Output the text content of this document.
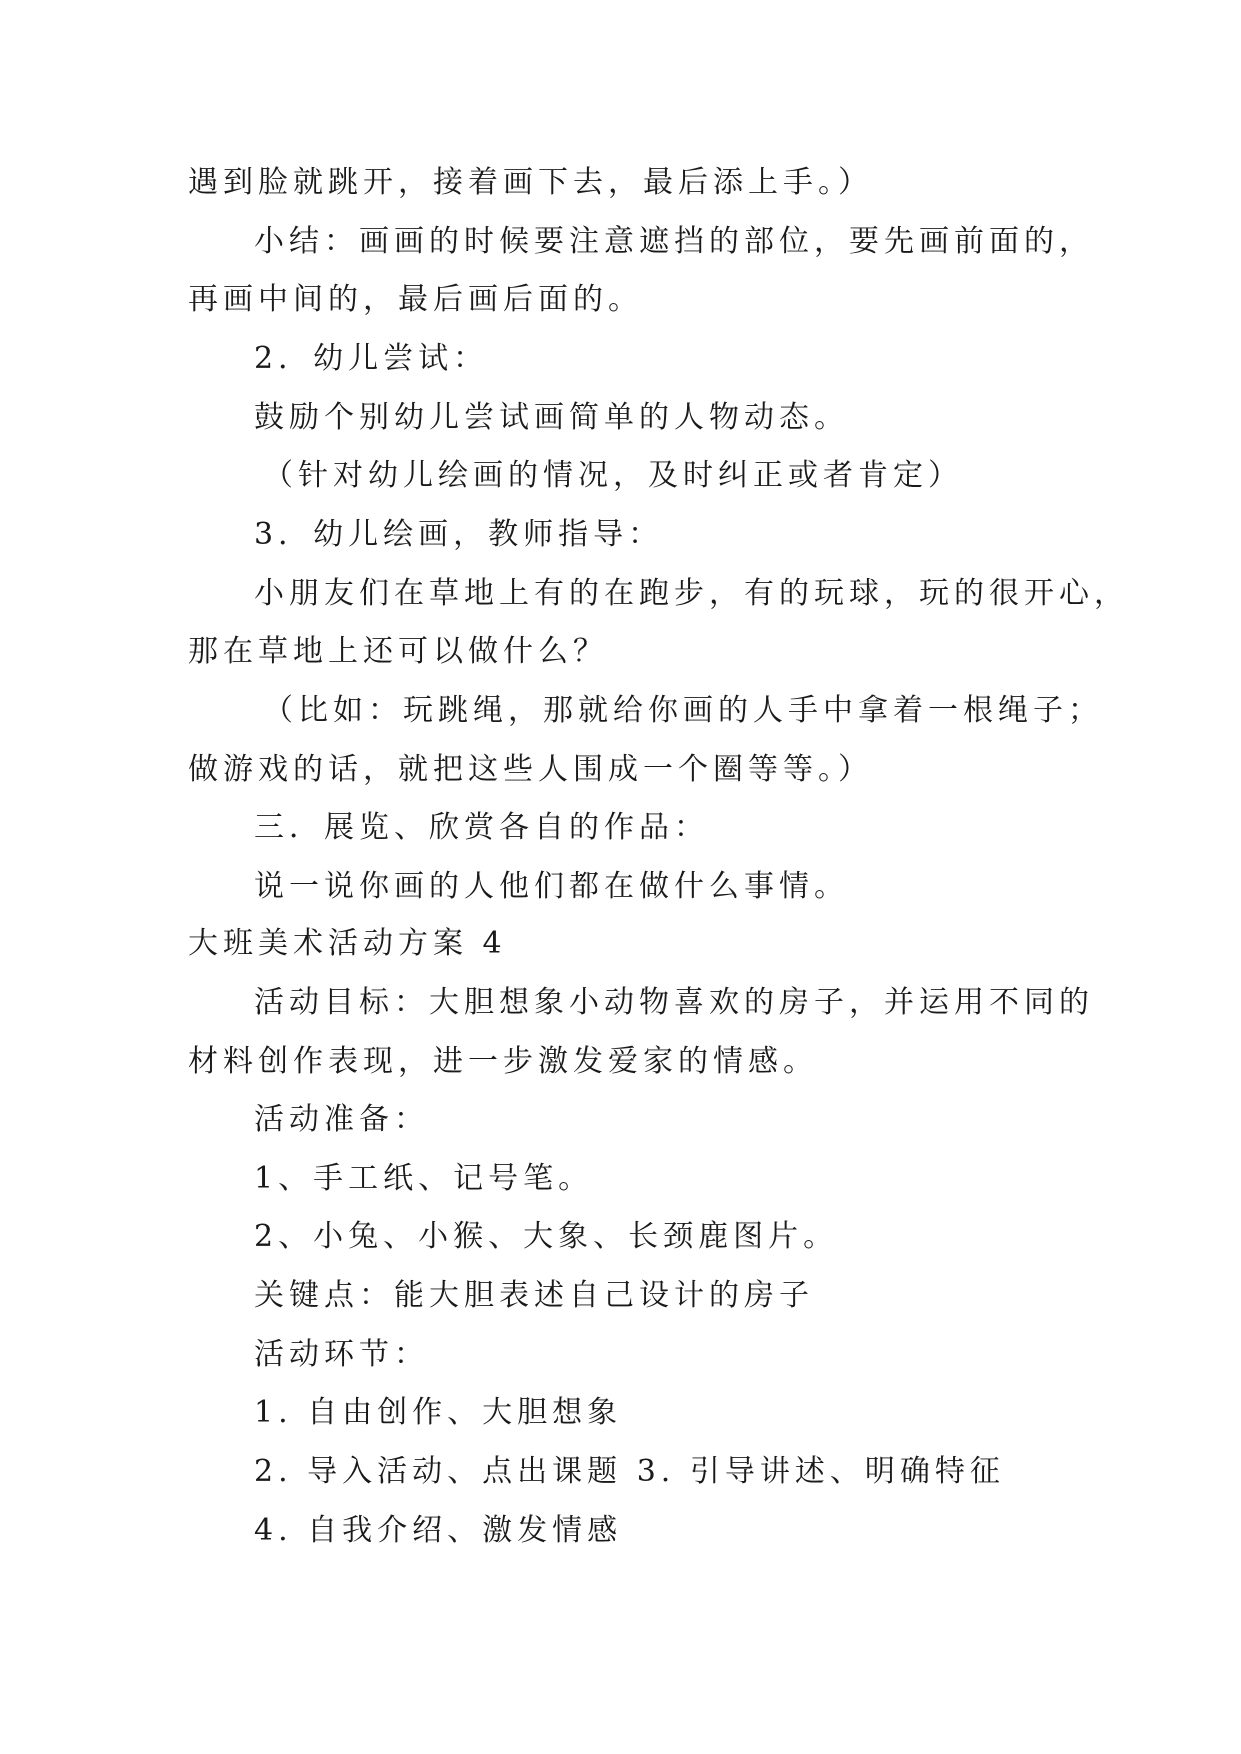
遇到脸就跳开，接着画下去，最后添上手。）
小结：画画的时候要注意遮挡的部位，要先画前面的，
再画中间的，最后画后面的。
2．幼儿尝试：
鼓励个别幼儿尝试画简单的人物动态。
（针对幼儿绘画的情况，及时纠正或者肯定）
3．幼儿绘画，教师指导：
小朋友们在草地上有的在跑步，有的玩球，玩的很开心，
那在草地上还可以做什么？
（比如：玩跳绳，那就给你画的人手中拿着一根绳子；
做游戏的话，就把这些人围成一个圈等等。）
三．展览、欣赏各自的作品：
说一说你画的人他们都在做什么事情。
大班美术活动方案 4
活动目标：大胆想象小动物喜欢的房子，并运用不同的
材料创作表现，进一步激发爱家的情感。
活动准备：
1、手工纸、记号笔。
2、小兔、小猴、大象、长颈鹿图片。
关键点：能大胆表述自己设计的房子
活动环节：
1. 自由创作、大胆想象
2. 导入活动、点出课题 3. 引导讲述、明确特征
4. 自我介绍、激发情感
